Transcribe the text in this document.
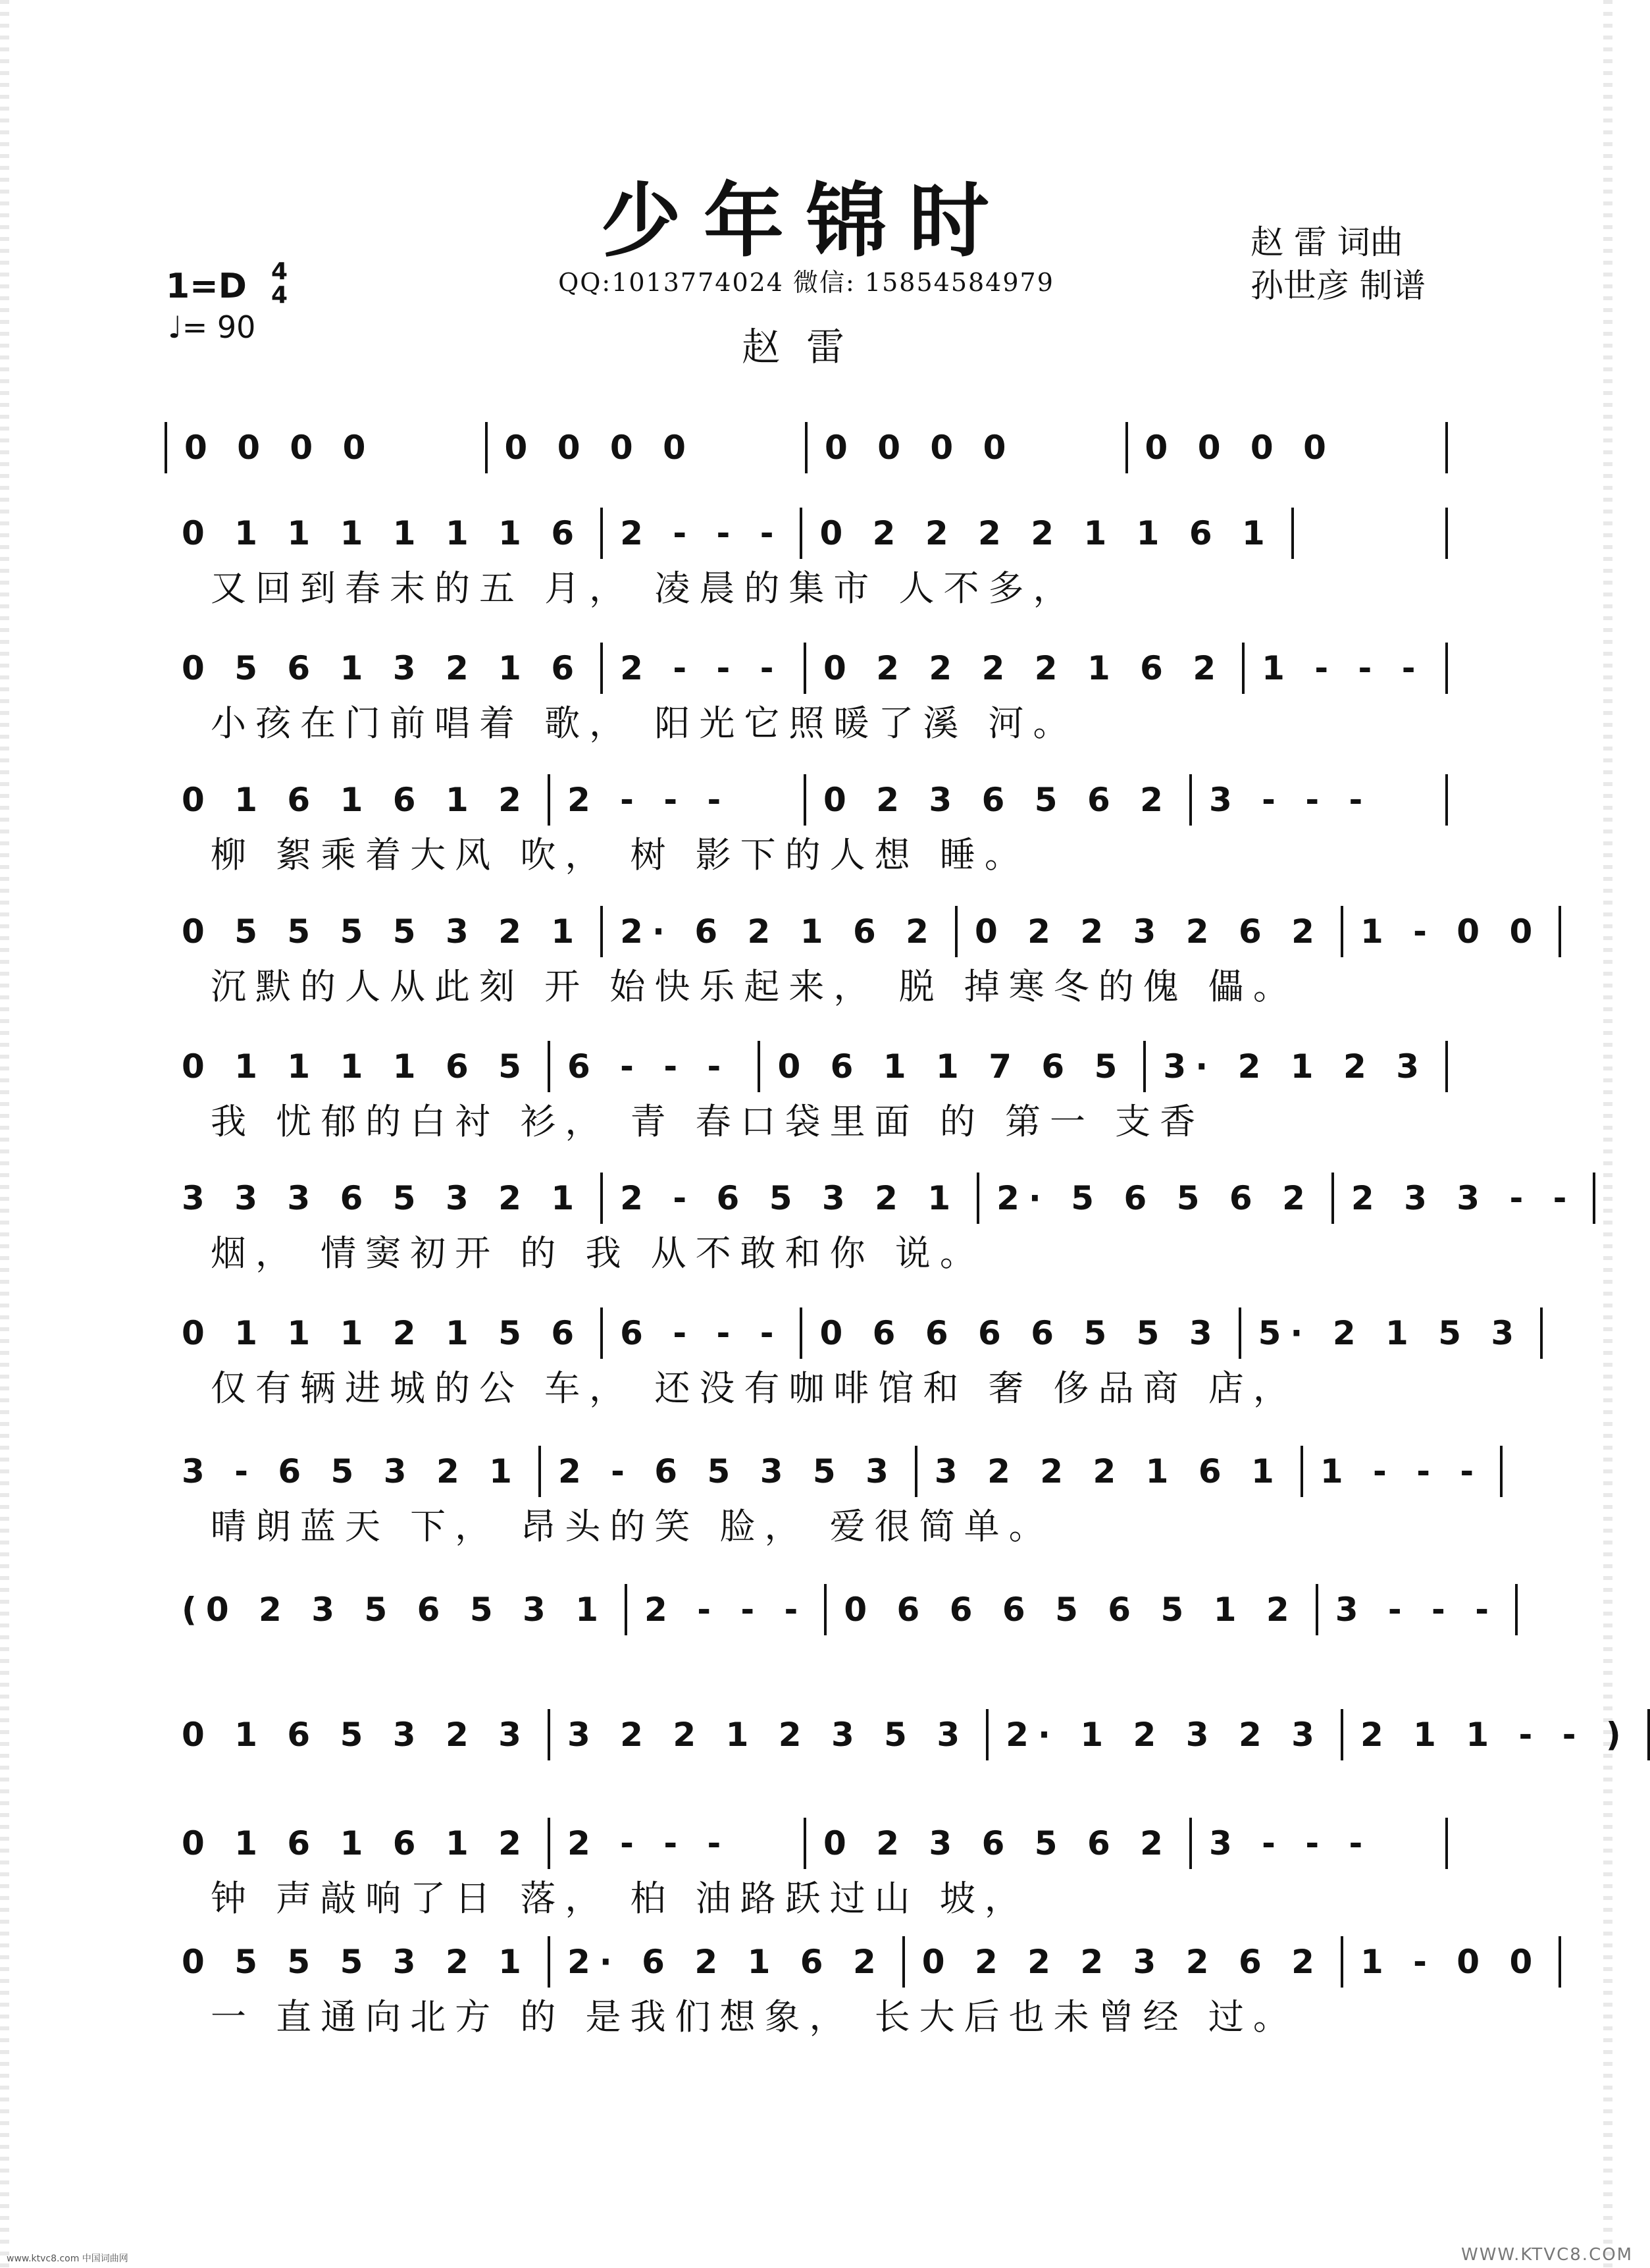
少年锦时
QQ:1013774024 微信: 15854584979
赵雷
赵 雷 词曲
孙世彦 制谱
1=D 4
4
♩= 90
0 0 0 0	0 0 0 0	0 0 0 0	0 0 0 0
0 1 1 1 1 1 1 6	2 - - -	0 2 2 2 2 1 1 6 1
又回到春末的五 月， 凌晨的集市 人不多，
0 5 6 1 3 2 1 6	2 - - -	0 2 2 2 2 1 6 2	1 - - -
小孩在门前唱着 歌， 阳光它照暖了溪 河。
0 1 6 1 6 1 2	2 - - -	0 2 3 6 5 6 2	3 - - -
柳 絮乘着大风 吹， 树 影下的人想 睡。
0 5 5 5 5 3 2 1	2· 6 2 1 6 2	0 2 2 3 2 6 2	1 - 0 0
沉默的人从此刻 开 始快乐起来， 脱 掉寒冬的傀 儡。
0 1 1 1 1 6 5	6 - - -	0 6 1 1 7 6 5	3· 2 1 2 3
我 忧郁的白衬 衫， 青 春口袋里面 的 第一 支香
3 3 3 6 5 3 2 1	2 - 6 5 3 2 1	2· 5 6 5 6 2	2 3 3 - -
烟， 情窦初开 的 我 从不敢和你 说。
0 1 1 1 2 1 5 6	6 - - -	0 6 6 6 6 5 5 3	5· 2 1 5 3
仅有辆进城的公 车， 还没有咖啡馆和 奢 侈品商 店，
3 - 6 5 3 2 1	2 - 6 5 3 5 3	3 2 2 2 1 6 1	1 - - -
晴朗蓝天 下， 昂头的笑 脸， 爱很简单。
(0 2 3 5 6 5 3 1	2 - - -	0 6 6 6 5 6 5 1 2	3 - - -
0 1 6 5 3 2 3	3 2 2 1 2 3 5 3	2· 1 2 3 2 3	2 1 1 - - )
0 1 6 1 6 1 2	2 - - -	0 2 3 6 5 6 2	3 - - -
钟 声敲响了日 落， 柏 油路跃过山 坡，
0 5 5 5 3 2 1	2· 6 2 1 6 2	0 2 2 2 3 2 6 2	1 - 0 0
一 直通向北方 的 是我们想象， 长大后也未曾经 过。
www.ktvc8.com 中国词曲网	WWW.KTVC8.COM
